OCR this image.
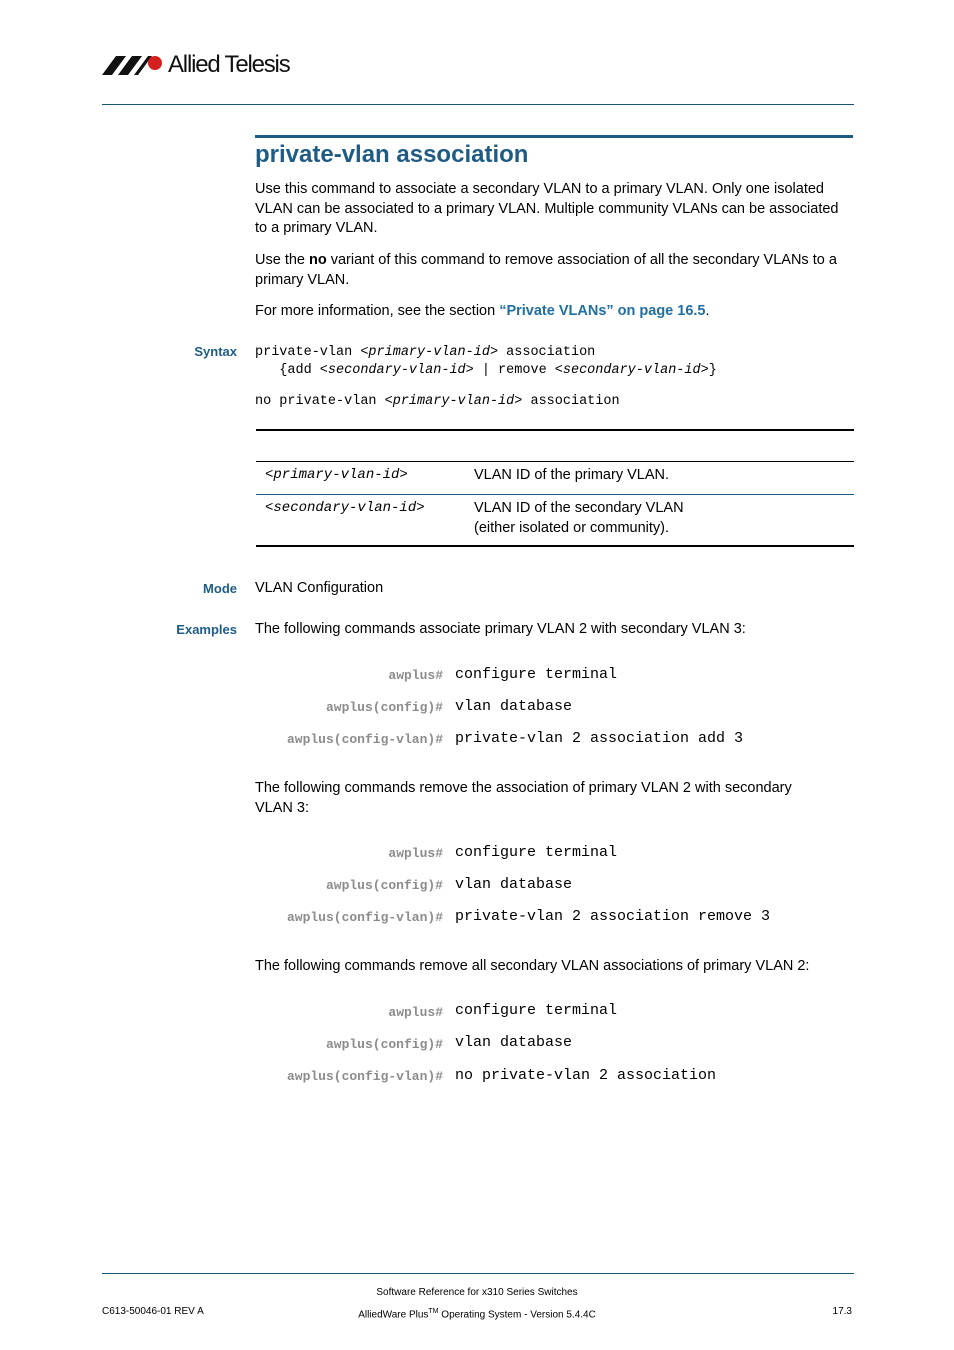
Allied Telesis
private-vlan association
Use this command to associate a secondary VLAN to a primary VLAN. Only one isolated VLAN can be associated to a primary VLAN. Multiple community VLANs can be associated to a primary VLAN.
Use the no variant of this command to remove association of all the secondary VLANs to a primary VLAN.
For more information, see the section “Private VLANs” on page 16.5.
Syntax private-vlan <primary-vlan-id> association
{add <secondary-vlan-id> | remove <secondary-vlan-id>}
no private-vlan <primary-vlan-id> association
<primary-vlan-id>	VLAN ID of the primary VLAN.
<secondary-vlan-id>	VLAN ID of the secondary VLAN (either isolated or community).
Mode VLAN Configuration
Examples The following commands associate primary VLAN 2 with secondary VLAN 3:
awplus# configure terminal
awplus(config)# vlan database
awplus(config-vlan)# private-vlan 2 association add 3
The following commands remove the association of primary VLAN 2 with secondary VLAN 3:
awplus# configure terminal
awplus(config)# vlan database
awplus(config-vlan)# private-vlan 2 association remove 3
The following commands remove all secondary VLAN associations of primary VLAN 2:
awplus# configure terminal
awplus(config)# vlan database
awplus(config-vlan)# no private-vlan 2 association
C613-50046-01 REV A
Software Reference for x310 Series Switches
AlliedWare Plus™ Operating System - Version 5.4.4C	17.3
